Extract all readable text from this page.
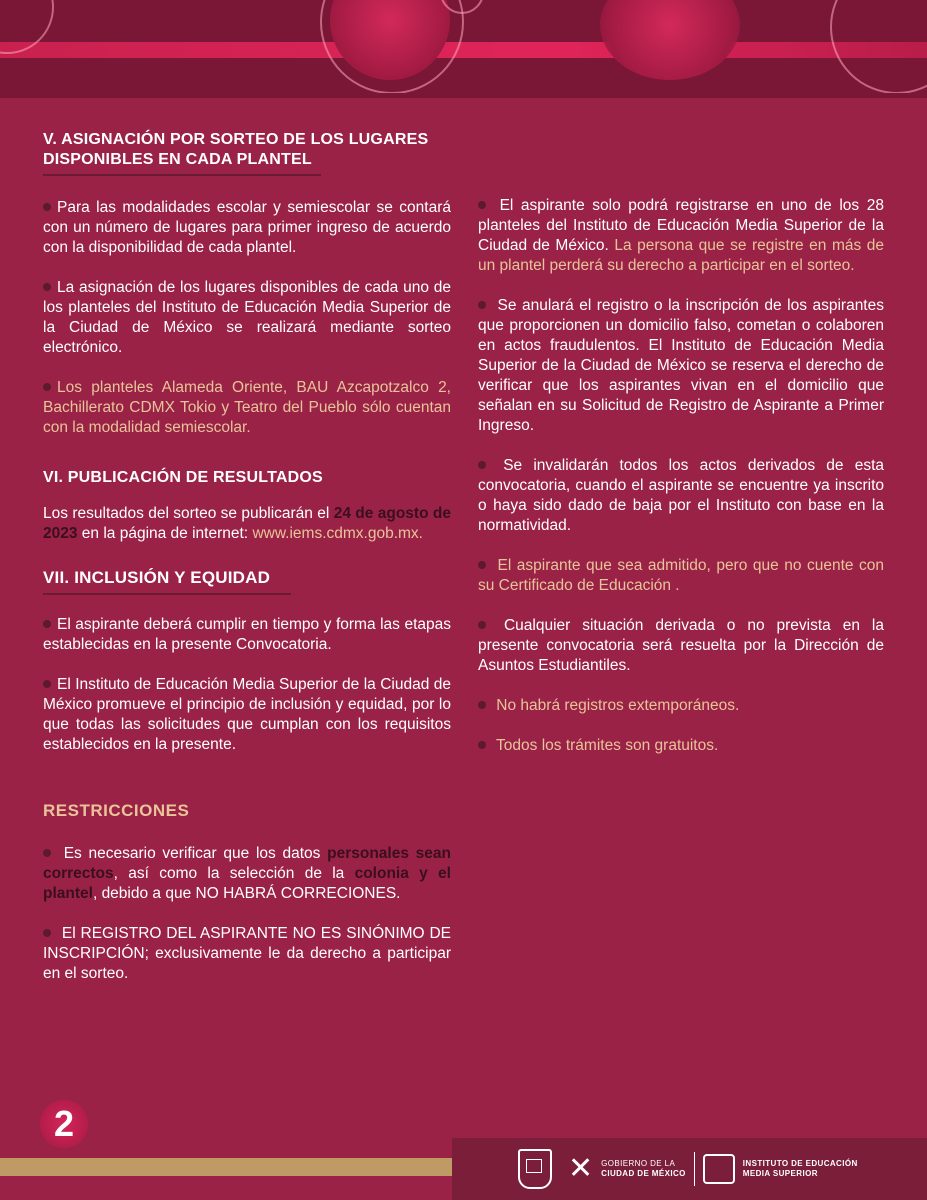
V. ASIGNACIÓN POR SORTEO DE LOS LUGARES
DISPONIBLES EN CADA PLANTEL

Para las modalidades escolar y semiescolar se contará con un número de lugares para primer ingreso de acuerdo con la disponibilidad de cada plantel.

La asignación de los lugares disponibles de cada uno de los planteles del Instituto de Educación Media Superior de la Ciudad de México se realizará mediante sorteo electrónico.

Los planteles Alameda Oriente, BAU Azcapotzalco 2, Bachillerato CDMX Tokio y Teatro del Pueblo sólo cuentan con la modalidad semiescolar.

VI. PUBLICACIÓN DE RESULTADOS

Los resultados del sorteo se publicarán el 24 de agosto de 2023 en la página de internet: www.iems.cdmx.gob.mx.

VII. INCLUSIÓN Y EQUIDAD

El aspirante deberá cumplir en tiempo y forma las etapas establecidas en la presente Convocatoria.

El Instituto de Educación Media Superior de la Ciudad de México promueve el principio de inclusión y equidad, por lo que todas las solicitudes que cumplan con los requisitos establecidos en la presente.

RESTRICCIONES

Es necesario verificar que los datos personales sean correctos, así como la selección de la colonia y el plantel, debido a que NO HABRÁ CORRECIONES.

El REGISTRO DEL ASPIRANTE NO ES SINÓNIMO DE INSCRIPCIÓN; exclusivamente le da derecho a participar en el sorteo.

El aspirante solo podrá registrarse en uno de los 28 planteles del Instituto de Educación Media Superior de la Ciudad de México. La persona que se registre en más de un plantel perderá su derecho a participar en el sorteo.

Se anulará el registro o la inscripción de los aspirantes que proporcionen un domicilio falso, cometan o colaboren en actos fraudulentos. El Instituto de Educación Media Superior de la Ciudad de México se reserva el derecho de verificar que los aspirantes vivan en el domicilio que señalan en su Solicitud de Registro de Aspirante a Primer Ingreso.

Se invalidarán todos los actos derivados de esta convocatoria, cuando el aspirante se encuentre ya inscrito o haya sido dado de baja por el Instituto con base en la normatividad.

El aspirante que sea admitido, pero que no cuente con su Certificado de Educación .

Cualquier situación derivada o no prevista en la presente convocatoria será resuelta por la Dirección de Asuntos Estudiantiles.

No habrá registros extemporáneos.

Todos los trámites son gratuitos.

2
✕ GOBIERNO DE LA
CIUDAD DE MÉXICO
INSTITUTO DE EDUCACIÓN
MEDIA SUPERIOR
